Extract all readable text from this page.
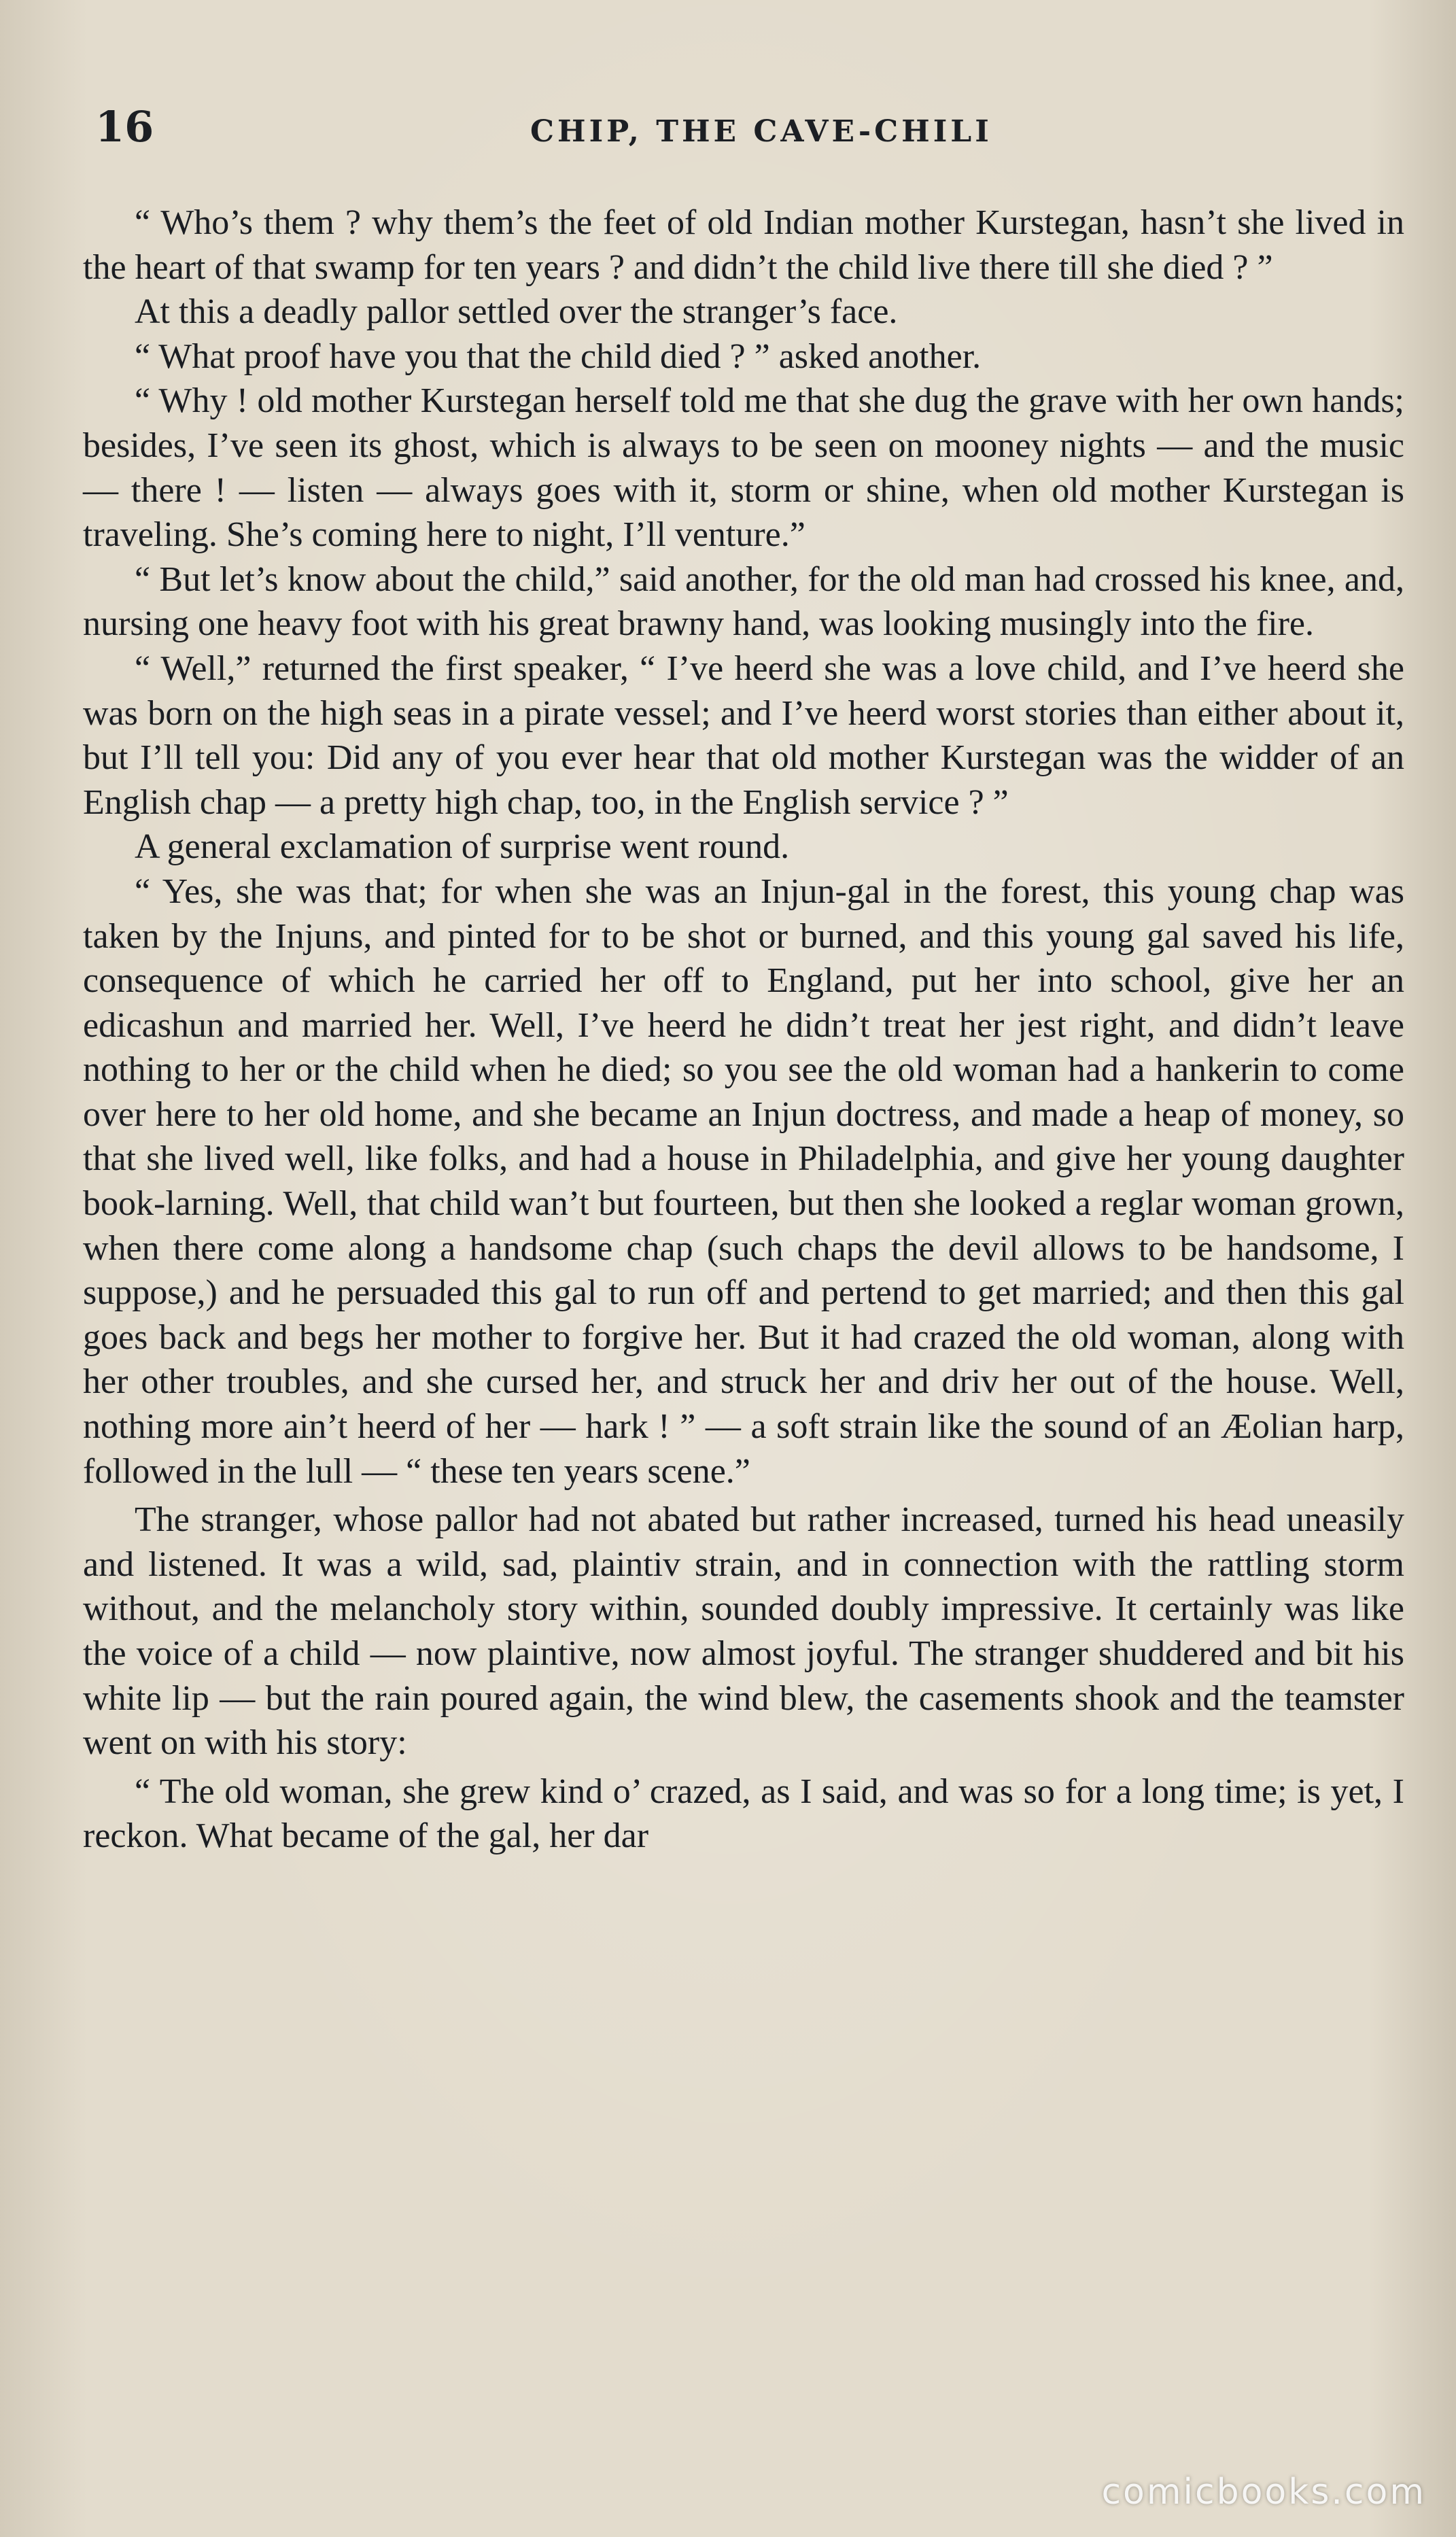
16	CHIP, THE CAVE-CHILI

“ Who’s them ? why them’s the feet of old Indian mother Kurstegan, hasn’t she lived in the heart of that swamp for ten years ? and didn’t the child live there till she died ? ”

At this a deadly pallor settled over the stranger’s face.

“ What proof have you that the child died ? ” asked another.

“ Why ! old mother Kurstegan herself told me that she dug the grave with her own hands; besides, I’ve seen its ghost, which is always to be seen on mooney nights — and the music — there ! — listen — always goes with it, storm or shine, when old mother Kurstegan is traveling. She’s coming here to night, I’ll venture.”

“ But let’s know about the child,” said another, for the old man had crossed his knee, and, nursing one heavy foot with his great brawny hand, was looking musingly into the fire.

“ Well,” returned the first speaker, “ I’ve heerd she was a love child, and I’ve heerd she was born on the high seas in a pirate vessel; and I’ve heerd worst stories than either about it, but I’ll tell you: Did any of you ever hear that old mother Kurstegan was the widder of an English chap — a pretty high chap, too, in the English service ? ”

A general exclamation of surprise went round.

“ Yes, she was that; for when she was an Injun-gal in the forest, this young chap was taken by the Injuns, and pinted for to be shot or burned, and this young gal saved his life, consequence of which he carried her off to England, put her into school, give her an edicashun and married her. Well, I’ve heerd he didn’t treat her jest right, and didn’t leave nothing to her or the child when he died; so you see the old woman had a hankerin to come over here to her old home, and she became an Injun doctress, and made a heap of money, so that she lived well, like folks, and had a house in Philadelphia, and give her young daughter book-larning. Well, that child wan’t but fourteen, but then she looked a reglar woman grown, when there come along a handsome chap (such chaps the devil allows to be handsome, I suppose,) and he persuaded this gal to run off and pertend to get married; and then this gal goes back and begs her mother to forgive her. But it had crazed the old woman, along with her other troubles, and she cursed her, and struck her and driv her out of the house. Well, nothing more ain’t heerd of her — hark ! ” — a soft strain like the sound of an Æolian harp, followed in the lull — “ these ten years scene.”

The stranger, whose pallor had not abated but rather increased, turned his head uneasily and listened. It was a wild, sad, plaintiv strain, and in connection with the rattling storm without, and the melancholy story within, sounded doubly impressive. It certainly was like the voice of a child — now plaintive, now almost joyful. The stranger shuddered and bit his white lip — but the rain poured again, the wind blew, the casements shook and the teamster went on with his story:

“ The old woman, she grew kind o’ crazed, as I said, and was so for a long time; is yet, I reckon. What became of the gal, her dar

comicbooks.com
